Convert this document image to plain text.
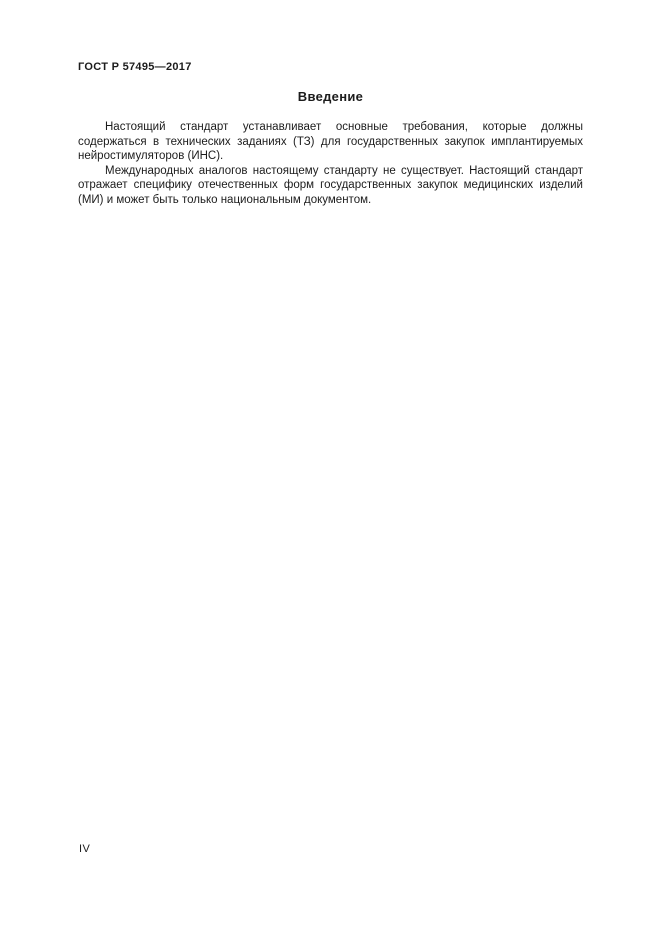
ГОСТ Р 57495—2017
Введение

Настоящий стандарт устанавливает основные требования, которые должны содержаться в технических заданиях (ТЗ) для государственных закупок имплантируемых нейростимуляторов (ИНС).

Международных аналогов настоящему стандарту не существует. Настоящий стандарт отражает специфику отечественных форм государственных закупок медицинских изделий (МИ) и может быть только национальным документом.

IV
